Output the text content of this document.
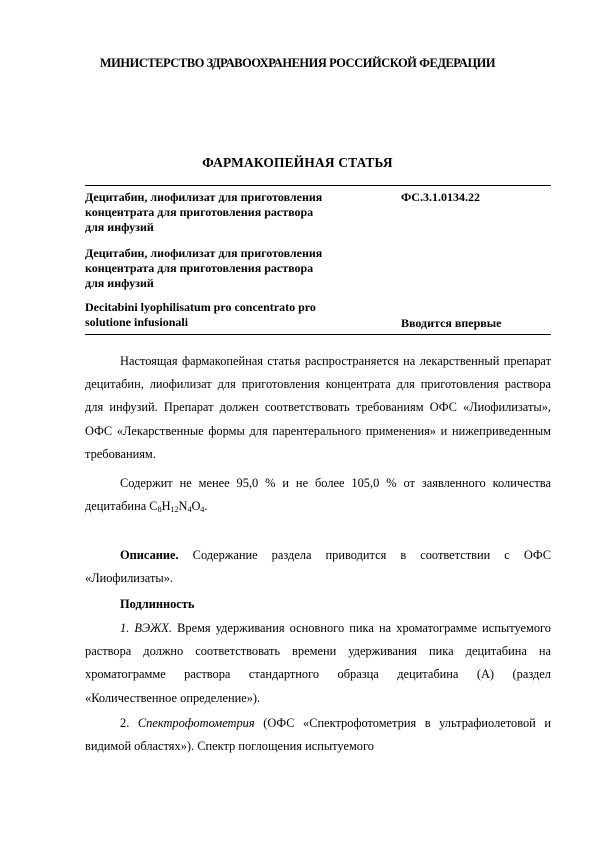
МИНИСТЕРСТВО ЗДРАВООХРАНЕНИЯ РОССИЙСКОЙ ФЕДЕРАЦИИ
ФАРМАКОПЕЙНАЯ СТАТЬЯ
Децитабин, лиофилизат для приготовления
концентрата для приготовления раствора
для инфузий
ФС.3.1.0134.22
Децитабин, лиофилизат для приготовления
концентрата для приготовления раствора
для инфузий
Decitabini lyophilisatum pro concentrato pro
solutione infusionali	Вводится впервые
Настоящая фармакопейная статья распространяется на лекарственный препарат децитабин, лиофилизат для приготовления концентрата для приготовления раствора для инфузий. Препарат должен соответствовать требованиям ОФС «Лиофилизаты», ОФС «Лекарственные формы для парентерального применения» и нижеприведенным требованиям.
Содержит не менее 95,0 % и не более 105,0 % от заявленного количества децитабина $C_8H_{12}N_4O_4$.
Описание. Содержание раздела приводится в соответствии с ОФС «Лиофилизаты».
Подлинность
1. ВЭЖХ. Время удерживания основного пика на хроматограмме испытуемого раствора должно соответствовать времени удерживания пика децитабина на хроматограмме раствора стандартного образца децитабина (А) (раздел «Количественное определение»).
2. Спектрофотометрия (ОФС «Спектрофотометрия в ультрафиолетовой и видимой областях»). Спектр поглощения испытуемого
